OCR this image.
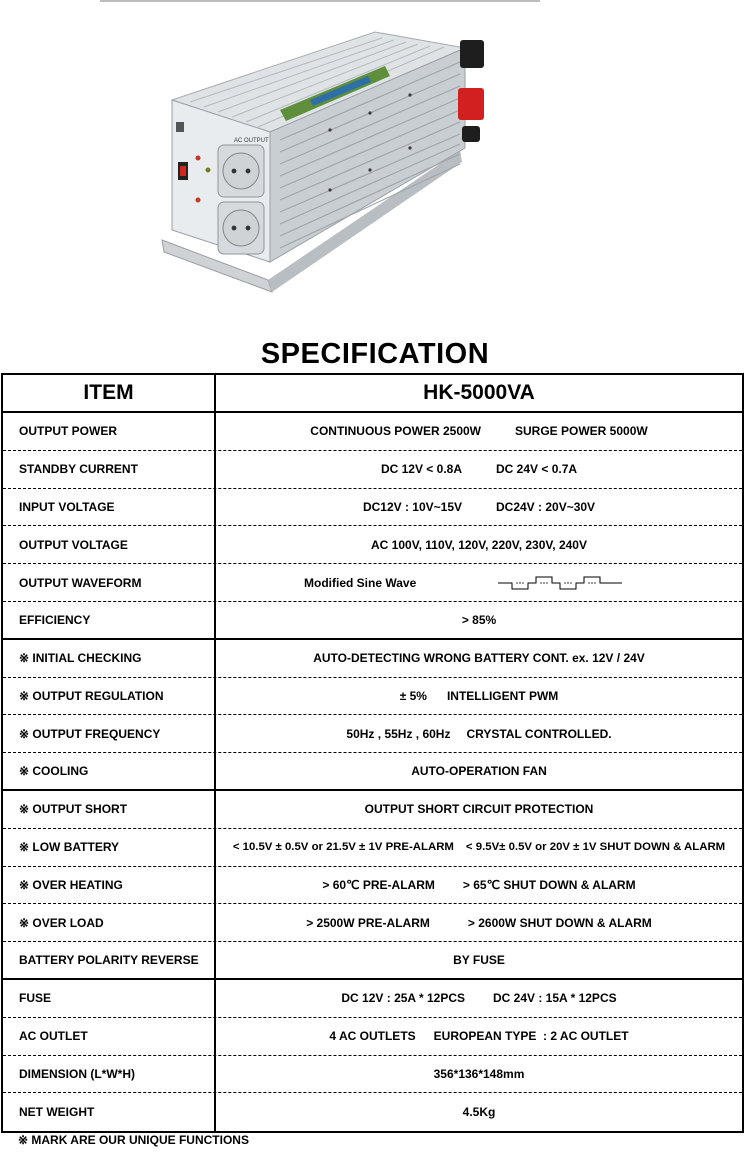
AC OUTPUT
SPECIFICATION
ITEM	HK-5000VA
OUTPUT POWER	CONTINUOUS POWER 2500W	SURGE POWER 5000W
STANDBY CURRENT	DC 12V < 0.8A	DC 24V < 0.7A
INPUT VOLTAGE	DC12V : 10V~15V	DC24V : 20V~30V
OUTPUT VOLTAGE	AC 100V, 110V, 120V, 220V, 230V, 240V
OUTPUT WAVEFORM	Modified Sine Wave
EFFICIENCY	> 85%
※ INITIAL CHECKING	AUTO-DETECTING WRONG BATTERY CONT. ex. 12V / 24V
※ OUTPUT REGULATION	± 5% INTELLIGENT PWM
※ OUTPUT FREQUENCY	50Hz , 55Hz , 60Hz CRYSTAL CONTROLLED.
※ COOLING	AUTO-OPERATION FAN
※ OUTPUT SHORT	OUTPUT SHORT CIRCUIT PROTECTION
※ LOW BATTERY	< 10.5V ± 0.5V or 21.5V ± 1V PRE-ALARM < 9.5V± 0.5V or 20V ± 1V SHUT DOWN & ALARM
※ OVER HEATING	> 60℃ PRE-ALARM > 65℃ SHUT DOWN & ALARM
※ OVER LOAD	> 2500W PRE-ALARM	> 2600W SHUT DOWN & ALARM
BATTERY POLARITY REVERSE	BY FUSE
FUSE	DC 12V : 25A * 12PCS DC 24V : 15A * 12PCS
AC OUTLET	4 AC OUTLETS EUROPEAN TYPE  : 2 AC OUTLET
DIMENSION (L*W*H)	356*136*148mm
NET WEIGHT	4.5Kg
※ MARK ARE OUR UNIQUE FUNCTIONS
